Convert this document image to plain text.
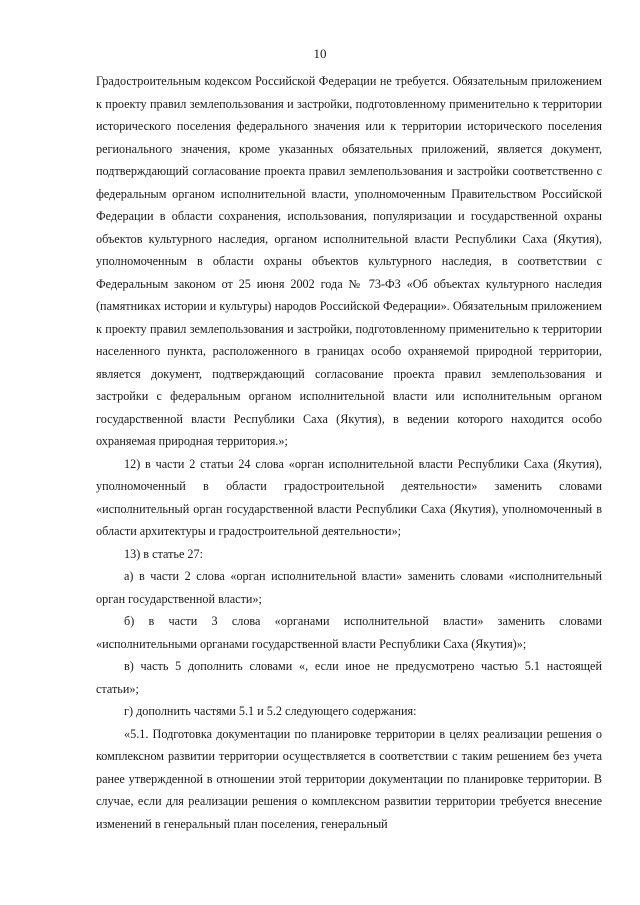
10

Градостроительным кодексом Российской Федерации не требуется. Обязательным приложением к проекту правил землепользования и застройки, подготовленному применительно к территории исторического поселения федерального значения или к территории исторического поселения регионального значения, кроме указанных обязательных приложений, является документ, подтверждающий согласование проекта правил землепользования и застройки соответственно с федеральным органом исполнительной власти, уполномоченным Правительством Российской Федерации в области сохранения, использования, популяризации и государственной охраны объектов культурного наследия, органом исполнительной власти Республики Саха (Якутия), уполномоченным в области охраны объектов культурного наследия, в соответствии с Федеральным законом от 25 июня 2002 года № 73-ФЗ «Об объектах культурного наследия (памятниках истории и культуры) народов Российской Федерации». Обязательным приложением к проекту правил землепользования и застройки, подготовленному применительно к территории населенного пункта, расположенного в границах особо охраняемой природной территории, является документ, подтверждающий согласование проекта правил землепользования и застройки с федеральным органом исполнительной власти или исполнительным органом государственной власти Республики Саха (Якутия), в ведении которого находится особо охраняемая природная территория.»;

12) в части 2 статьи 24 слова «орган исполнительной власти Республики Саха (Якутия), уполномоченный в области градостроительной деятельности» заменить словами «исполнительный орган государственной власти Республики Саха (Якутия), уполномоченный в области архитектуры и градостроительной деятельности»;

13) в статье 27:

а) в части 2 слова «орган исполнительной власти» заменить словами «исполнительный орган государственной власти»;

б) в части 3 слова «органами исполнительной власти» заменить словами «исполнительными органами государственной власти Республики Саха (Якутия)»;

в) часть 5 дополнить словами «, если иное не предусмотрено частью 5.1 настоящей статьи»;

г) дополнить частями 5.1 и 5.2 следующего содержания:

«5.1. Подготовка документации по планировке территории в целях реализации решения о комплексном развитии территории осуществляется в соответствии с таким решением без учета ранее утвержденной в отношении этой территории документации по планировке территории. В случае, если для реализации решения о комплексном развитии территории требуется внесение изменений в генеральный план поселения, генеральный
